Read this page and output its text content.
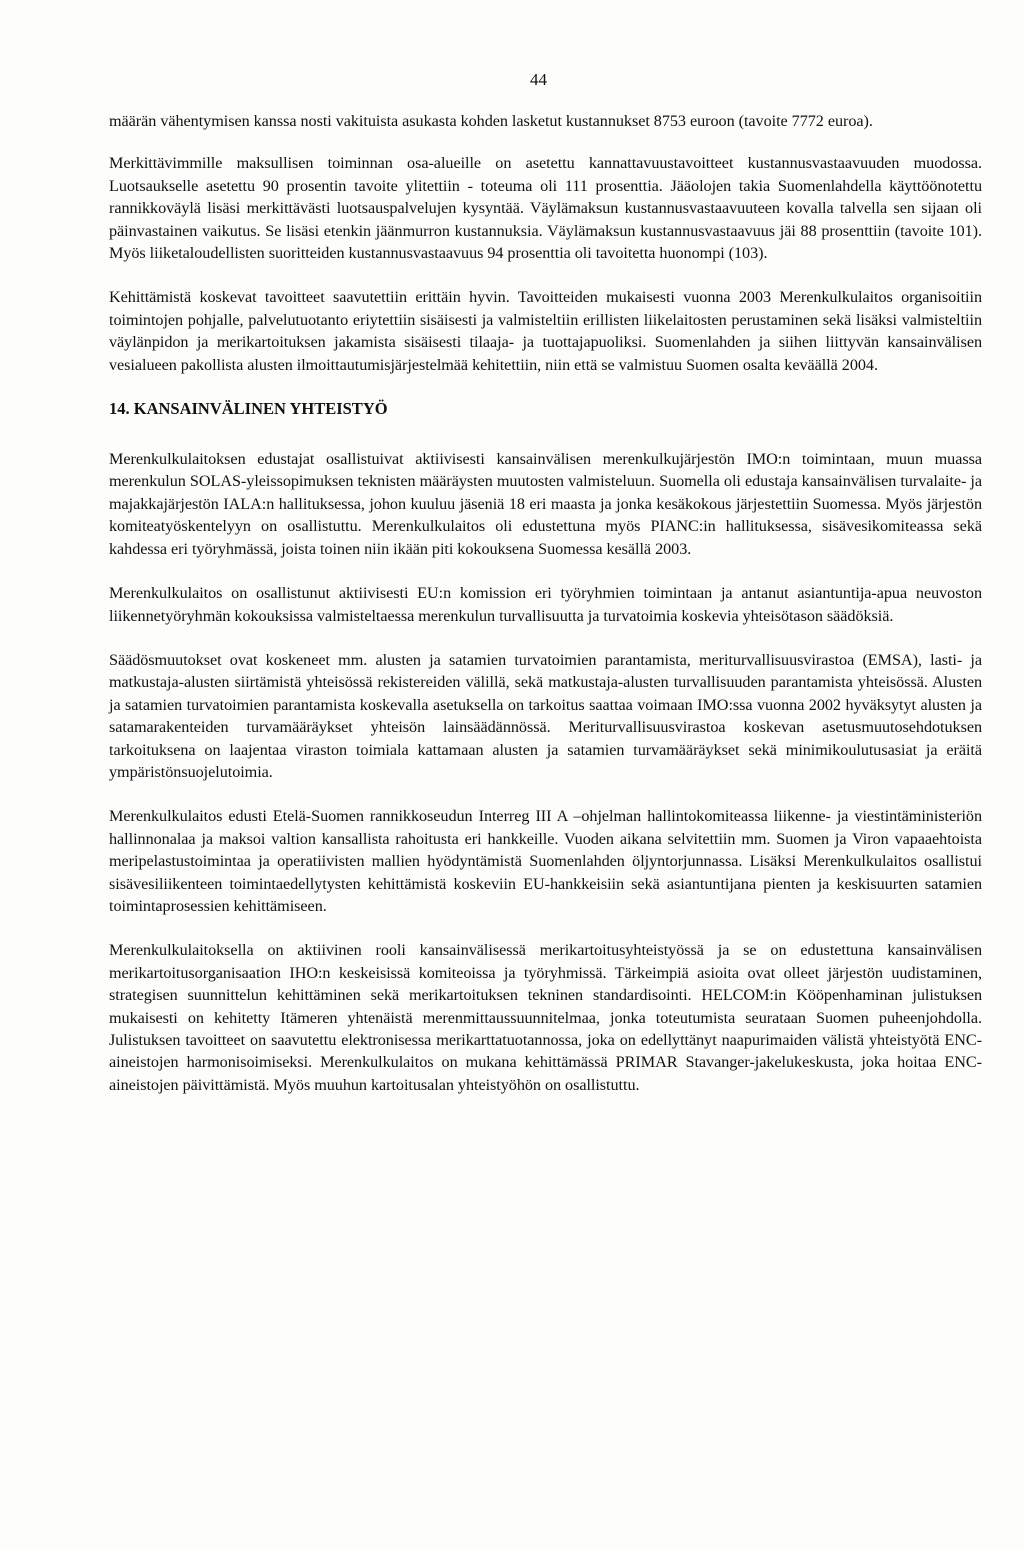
44

määrän vähentymisen kanssa nosti vakituista asukasta kohden lasketut kustannukset 8753 euroon (tavoite 7772 euroa).

Merkittävimmille maksullisen toiminnan osa-alueille on asetettu kannattavuustavoitteet kustannusvastaavuuden muodossa. Luotsaukselle asetettu 90 prosentin tavoite ylitettiin - toteuma oli 111 prosenttia. Jääolojen takia Suomenlahdella käyttöönotettu rannikkoväylä lisäsi merkittävästi luotsauspalvelujen kysyntää. Väylämaksun kustannusvastaavuuteen kovalla talvella sen sijaan oli päinvastainen vaikutus. Se lisäsi etenkin jäänmurron kustannuksia. Väylämaksun kustannusvastaavuus jäi 88 prosenttiin (tavoite 101). Myös liiketaloudellisten suoritteiden kustannusvastaavuus 94 prosenttia oli tavoitetta huonompi (103).

Kehittämistä koskevat tavoitteet saavutettiin erittäin hyvin. Tavoitteiden mukaisesti vuonna 2003 Merenkulkulaitos organisoitiin toimintojen pohjalle, palvelutuotanto eriytettiin sisäisesti ja valmisteltiin erillisten liikelaitosten perustaminen sekä lisäksi valmisteltiin väylänpidon ja merikartoituksen jakamista sisäisesti tilaaja- ja tuottajapuoliksi. Suomenlahden ja siihen liittyvän kansainvälisen vesialueen pakollista alusten ilmoittautumisjärjestelmää kehitettiin, niin että se valmistuu Suomen osalta keväällä 2004.

14. KANSAINVÄLINEN YHTEISTYÖ

Merenkulkulaitoksen edustajat osallistuivat aktiivisesti kansainvälisen merenkulkujärjestön IMO:n toimintaan, muun muassa merenkulun SOLAS-yleissopimuksen teknisten määräysten muutosten valmisteluun. Suomella oli edustaja kansainvälisen turvalaite- ja majakkajärjestön IALA:n hallituksessa, johon kuuluu jäseniä 18 eri maasta ja jonka kesäkokous järjestettiin Suomessa. Myös järjestön komiteatyöskentelyyn on osallistuttu. Merenkulkulaitos oli edustettuna myös PIANC:in hallituksessa, sisävesikomiteassa sekä kahdessa eri työryhmässä, joista toinen niin ikään piti kokouksena Suomessa kesällä 2003.

Merenkulkulaitos on osallistunut aktiivisesti EU:n komission eri työryhmien toimintaan ja antanut asiantuntija-apua neuvoston liikennetyöryhmän kokouksissa valmisteltaessa merenkulun turvallisuutta ja turvatoimia koskevia yhteisötason säädöksiä.

Säädösmuutokset ovat koskeneet mm. alusten ja satamien turvatoimien parantamista, meriturvallisuusvirastoa (EMSA), lasti- ja matkustaja-alusten siirtämistä yhteisössä rekistereiden välillä, sekä matkustaja-alusten turvallisuuden parantamista yhteisössä. Alusten ja satamien turvatoimien parantamista koskevalla asetuksella on tarkoitus saattaa voimaan IMO:ssa vuonna 2002 hyväksytyt alusten ja satamarakenteiden turvamääräykset yhteisön lainsäädännössä. Meriturvallisuusvirastoa koskevan asetusmuutosehdotuksen tarkoituksena on laajentaa viraston toimiala kattamaan alusten ja satamien turvamääräykset sekä minimikoulutusasiat ja eräitä ympäristönsuojelutoimia.

Merenkulkulaitos edusti Etelä-Suomen rannikkoseudun Interreg III A –ohjelman hallintokomiteassa liikenne- ja viestintäministeriön hallinnonalaa ja maksoi valtion kansallista rahoitusta eri hankkeille. Vuoden aikana selvitettiin mm. Suomen ja Viron vapaaehtoista meripelastustoimintaa ja operatiivisten mallien hyödyntämistä Suomenlahden öljyntorjunnassa. Lisäksi Merenkulkulaitos osallistui sisävesiliikenteen toimintaedellytysten kehittämistä koskeviin EU-hankkeisiin sekä asiantuntijana pienten ja keskisuurten satamien toimintaprosessien kehittämiseen.

Merenkulkulaitoksella on aktiivinen rooli kansainvälisessä merikartoitusyhteistyössä ja se on edustettuna kansainvälisen merikartoitusorganisaation IHO:n keskeisissä komiteoissa ja työryhmissä. Tärkeimpiä asioita ovat olleet järjestön uudistaminen, strategisen suunnittelun kehittäminen sekä merikartoituksen tekninen standardisointi. HELCOM:in Kööpenhaminan julistuksen mukaisesti on kehitetty Itämeren yhtenäistä merenmittaussuunnitelmaa, jonka toteutumista seurataan Suomen puheenjohdolla. Julistuksen tavoitteet on saavutettu elektronisessa merikarttatuotannossa, joka on edellyttänyt naapurimaiden välistä yhteistyötä ENC-aineistojen harmonisoimiseksi. Merenkulkulaitos on mukana kehittämässä PRIMAR Stavanger-jakelukeskusta, joka hoitaa ENC-aineistojen päivittämistä. Myös muuhun kartoitusalan yhteistyöhön on osallistuttu.
